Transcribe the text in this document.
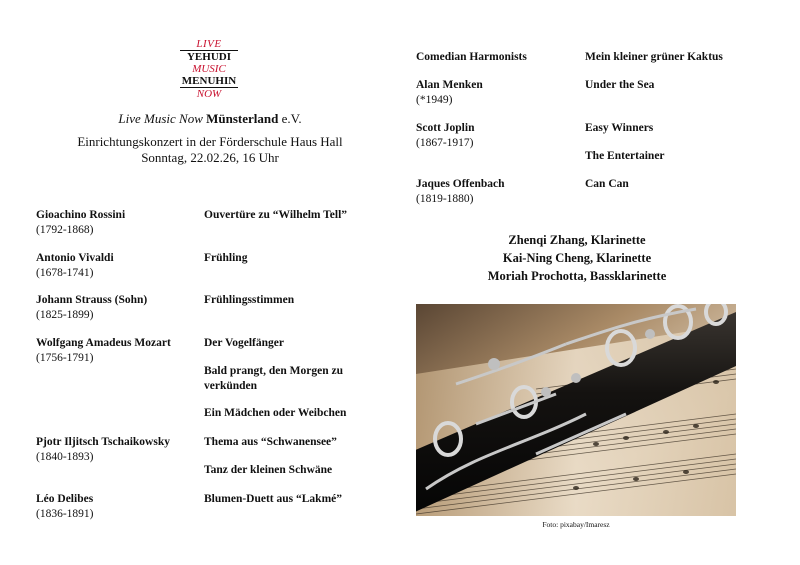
LIVE
YEHUDI
MUSIC
MENUHIN
NOW
Live Music Now Münsterland e.V.
Einrichtungskonzert in der Förderschule Haus Hall
Sonntag, 22.02.26, 16 Uhr
Gioachino Rossini
(1792-1868)
Ouvertüre zu “Wilhelm Tell”
Antonio Vivaldi
(1678-1741)
Frühling
Johann Strauss (Sohn)
(1825-1899)
Frühlingsstimmen
Wolfgang Amadeus Mozart
(1756-1791)
Der Vogelfänger
Bald prangt, den Morgen zu verkünden
Ein Mädchen oder Weibchen
Pjotr Iljitsch Tschaikowsky
(1840-1893)
Thema aus “Schwanensee”
Tanz der kleinen Schwäne
Léo Delibes
(1836-1891)
Blumen-Duett aus “Lakmé”
Comedian Harmonists	Mein kleiner grüner Kaktus
Alan Menken
(*1949)
Under the Sea
Scott Joplin
(1867-1917)
Easy Winners
The Entertainer
Jaques Offenbach
(1819-1880)
Can Can
Zhenqi Zhang, Klarinette
Kai-Ning Cheng, Klarinette
Moriah Prochotta, Bassklarinette
Foto: pixabay/Imaresz
